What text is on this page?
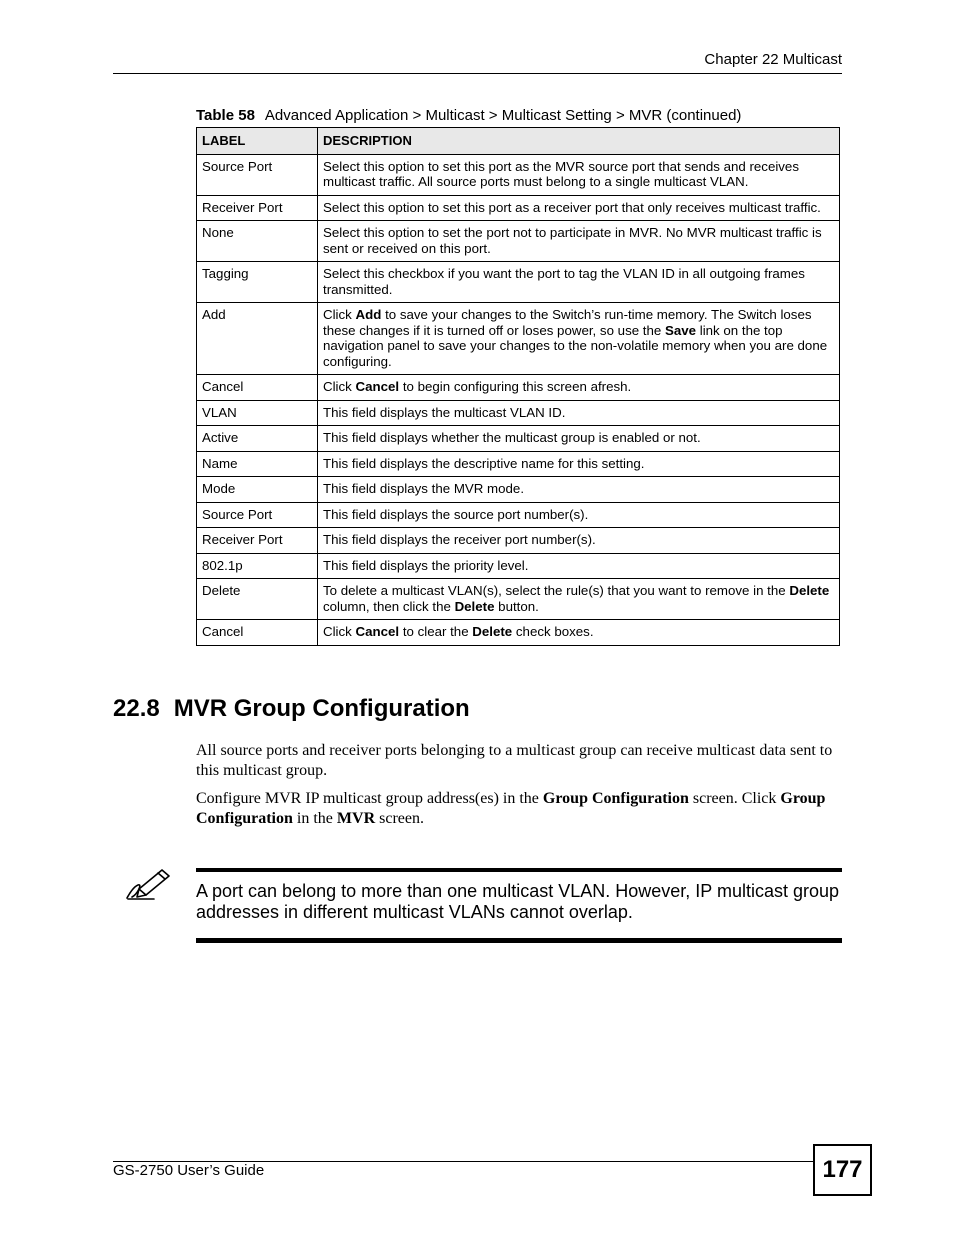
Chapter 22 Multicast
Table 58 Advanced Application > Multicast > Multicast Setting > MVR (continued)
LABEL	DESCRIPTION
Source Port	Select this option to set this port as the MVR source port that sends and receives multicast traffic. All source ports must belong to a single multicast VLAN.
Receiver Port	Select this option to set this port as a receiver port that only receives multicast traffic.
None	Select this option to set the port not to participate in MVR. No MVR multicast traffic is sent or received on this port.
Tagging	Select this checkbox if you want the port to tag the VLAN ID in all outgoing frames transmitted.
Add	Click Add to save your changes to the Switch’s run-time memory. The Switch loses these changes if it is turned off or loses power, so use the Save link on the top navigation panel to save your changes to the non-volatile memory when you are done configuring.
Cancel	Click Cancel to begin configuring this screen afresh.
VLAN	This field displays the multicast VLAN ID.
Active	This field displays whether the multicast group is enabled or not.
Name	This field displays the descriptive name for this setting.
Mode	This field displays the MVR mode.
Source Port	This field displays the source port number(s).
Receiver Port	This field displays the receiver port number(s).
802.1p	This field displays the priority level.
Delete	To delete a multicast VLAN(s), select the rule(s) that you want to remove in the Delete column, then click the Delete button.
Cancel	Click Cancel to clear the Delete check boxes.
22.8 MVR Group Configuration
All source ports and receiver ports belonging to a multicast group can receive multicast data sent to this multicast group.
Configure MVR IP multicast group address(es) in the Group Configuration screen. Click Group Configuration in the MVR screen.
A port can belong to more than one multicast VLAN. However, IP multicast group addresses in different multicast VLANs cannot overlap.
GS-2750 User’s Guide	177
